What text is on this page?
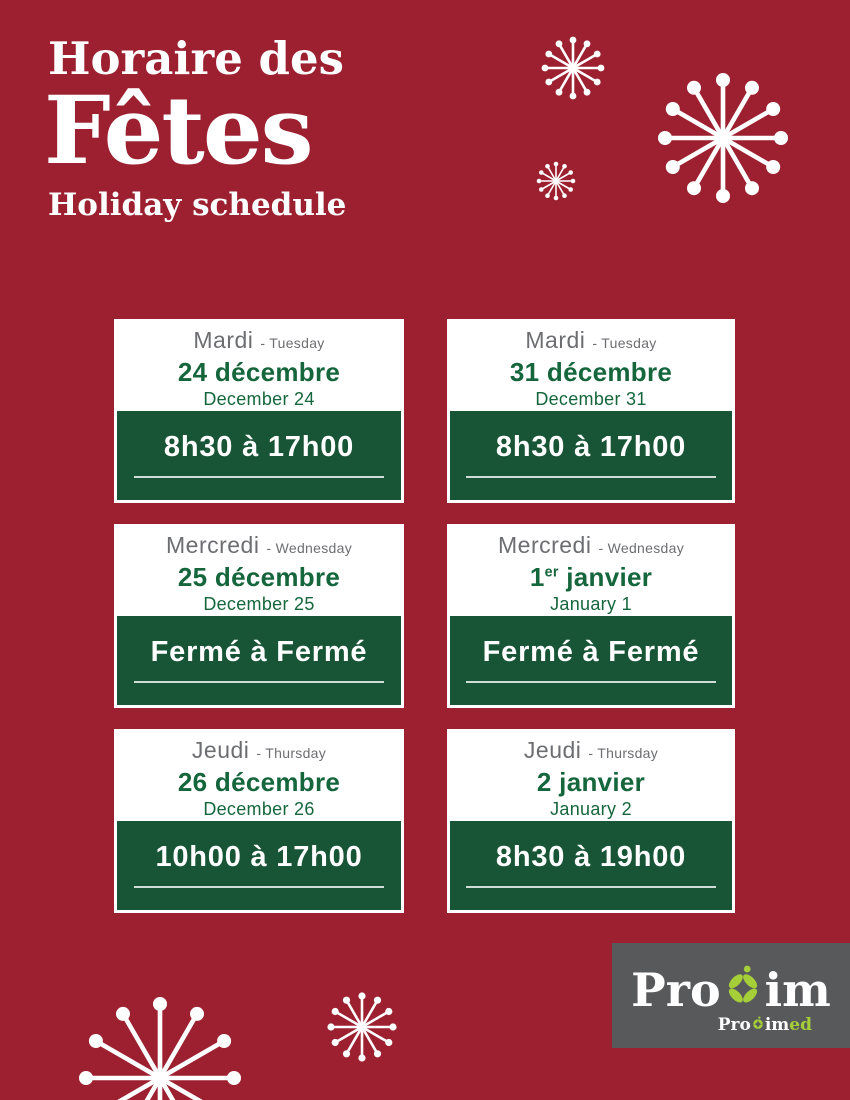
Horaire des
Fêtes
Holiday schedule
Mardi - Tuesday
24 décembre
December 24
8h30 à 17h00
Mardi - Tuesday
31 décembre
December 31
8h30 à 17h00
Mercredi - Wednesday
25 décembre
December 25
Fermé à Fermé
Mercredi - Wednesday
1er janvier
January 1
Fermé à Fermé
Jeudi - Thursday
26 décembre
December 26
10h00 à 17h00
Jeudi - Thursday
2 janvier
January 2
8h30 à 19h00
Pro im
Pro im ed
